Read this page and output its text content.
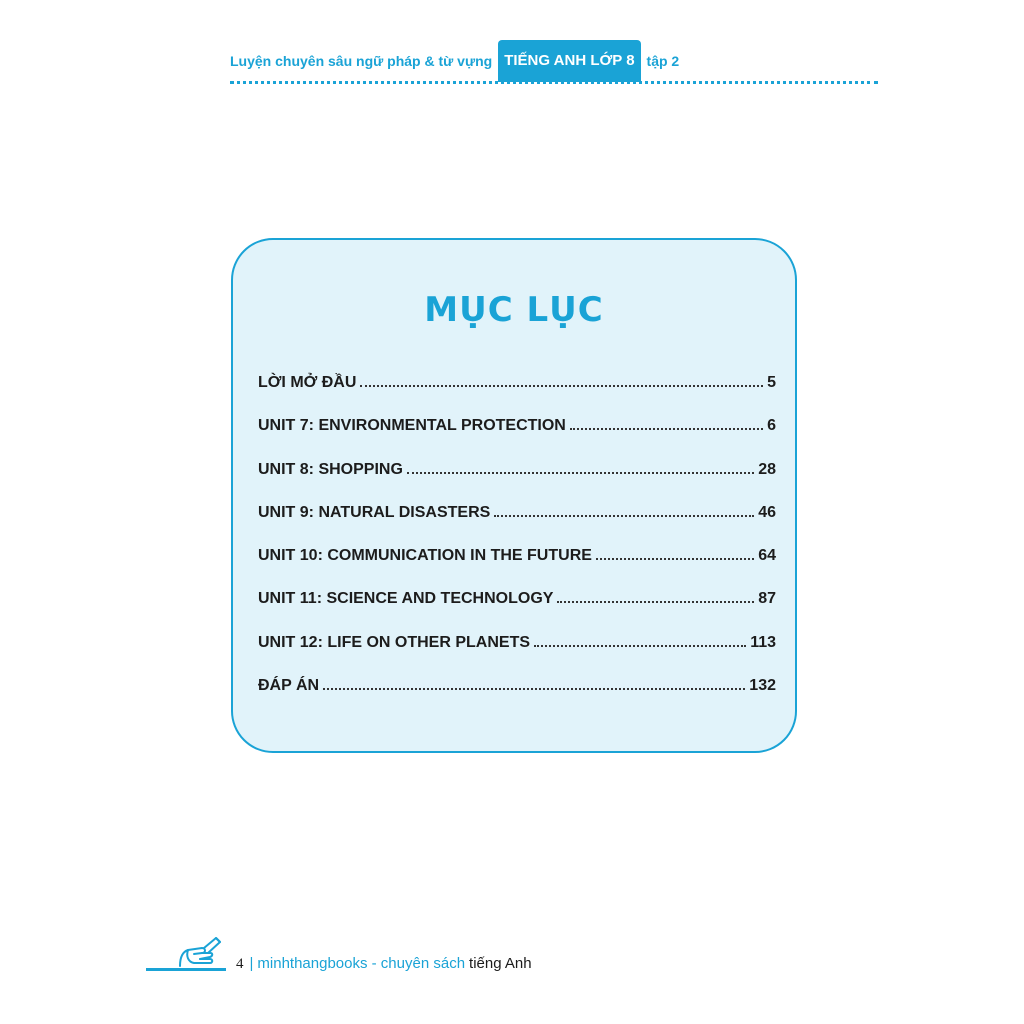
Luyện chuyên sâu ngữ pháp & từ vựng TIẾNG ANH LỚP 8 tập 2
MỤC LỤC
LỜI MỞ ĐẦU	5
UNIT 7: ENVIRONMENTAL PROTECTION	6
UNIT 8: SHOPPING	28
UNIT 9: NATURAL DISASTERS	46
UNIT 10: COMMUNICATION IN THE FUTURE	64
UNIT 11: SCIENCE AND TECHNOLOGY	87
UNIT 12: LIFE ON OTHER PLANETS	113
ĐÁP ÁN	132
4 | minhthangbooks - chuyên sách tiếng Anh
